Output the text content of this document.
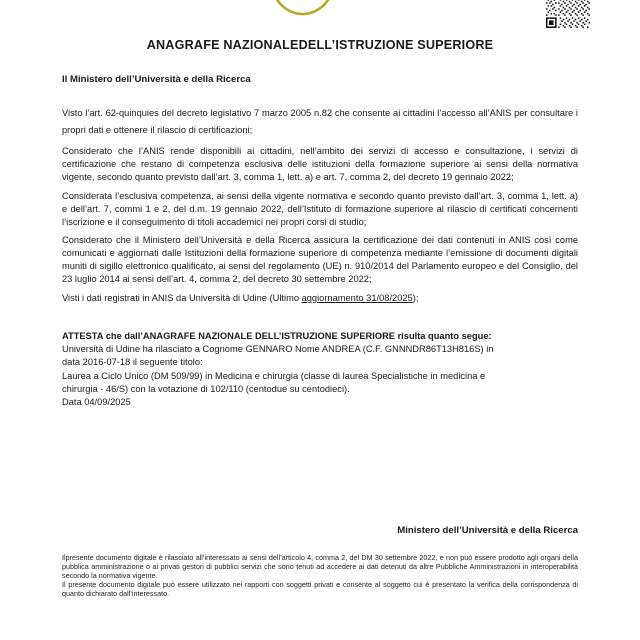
ANAGRAFE NAZIONALEDELL’ISTRUZIONE SUPERIORE
Il Ministero dell’Università e della Ricerca

Visto l’art. 62-quinquies del decreto legislativo 7 marzo 2005 n.82 che consente ai cittadini l’accesso all’ANIS per consultare i propri dati e ottenere il rilascio di certificazioni;

Considerato che l’ANIS rende disponibili ai cittadini, nell’ambito dei servizi di accesso e consultazione, i servizi di certificazione che restano di competenza esclusiva delle istituzioni della formazione superiore ai sensi della normativa vigente, secondo quanto previsto dall’art. 3, comma 1, lett. a) e art. 7, comma 2, del decreto 19 gennaio 2022;

Considerata l’esclusiva competenza, ai sensi della vigente normativa e secondo quanto previsto dall’art. 3, comma 1, lett. a) e dell’art. 7, commi 1 e 2, del d.m. 19 gennaio 2022, dell’Istituto di formazione superiore al rilascio di certificati concernenti l’iscrizione e il conseguimento di titoli accademici nei propri corsi di studio;

Considerato che il Ministero dell’Università e della Ricerca assicura la certificazione dei dati contenuti in ANIS così come comunicati e aggiornati dalle Istituzioni della formazione superiore di competenza mediante l’emissione di documenti digitali muniti di sigillo elettronico qualificato, ai sensi del regolamento (UE) n. 910/2014 del Parlamento europeo e del Consiglio, del 23 luglio 2014 ai sensi dell’art. 4, comma 2, del decreto 30 settembre 2022;

Visti i dati registrati in ANIS da Università di Udine (Ultimo aggiornamento 31/08/2025);

ATTESTA che dall’ANAGRAFE NAZIONALE DELL’ISTRUZIONE SUPERIORE risulta quanto segue:
Università di Udine ha rilasciato a Cognome GENNARO Nome ANDREA (C.F. GNNNDR86T13H816S) in
data 2016-07-18 il seguente titolo:
Laurea a Ciclo Unico (DM 509/99) in Medicina e chirurgia (classe di laurea Specialistiche in medicina e
chirurgia - 46/S) con la votazione di 102/110 (centodue su centodieci).
Data 04/09/2025
Ministero dell’Università e della Ricerca

Ilpresente documento digitale è rilasciato all’interessato ai sensi dell’articolo 4, comma 2, del DM 30 settembre 2022, e non può essere prodotto agli organi della pubblica amministrazione o ai privati gestori di pubblici servizi che sono tenuti ad accedere ai dati detenuti da altre Pubbliche Amministrazioni in interoperabilità secondo la normativa vigente.

Il presente documento digitale può essere utilizzato nei rapporti con soggetti privati e consente al soggetto cui è presentato la verifica della corrispondenza di quanto dichiarato dall’interessato.
